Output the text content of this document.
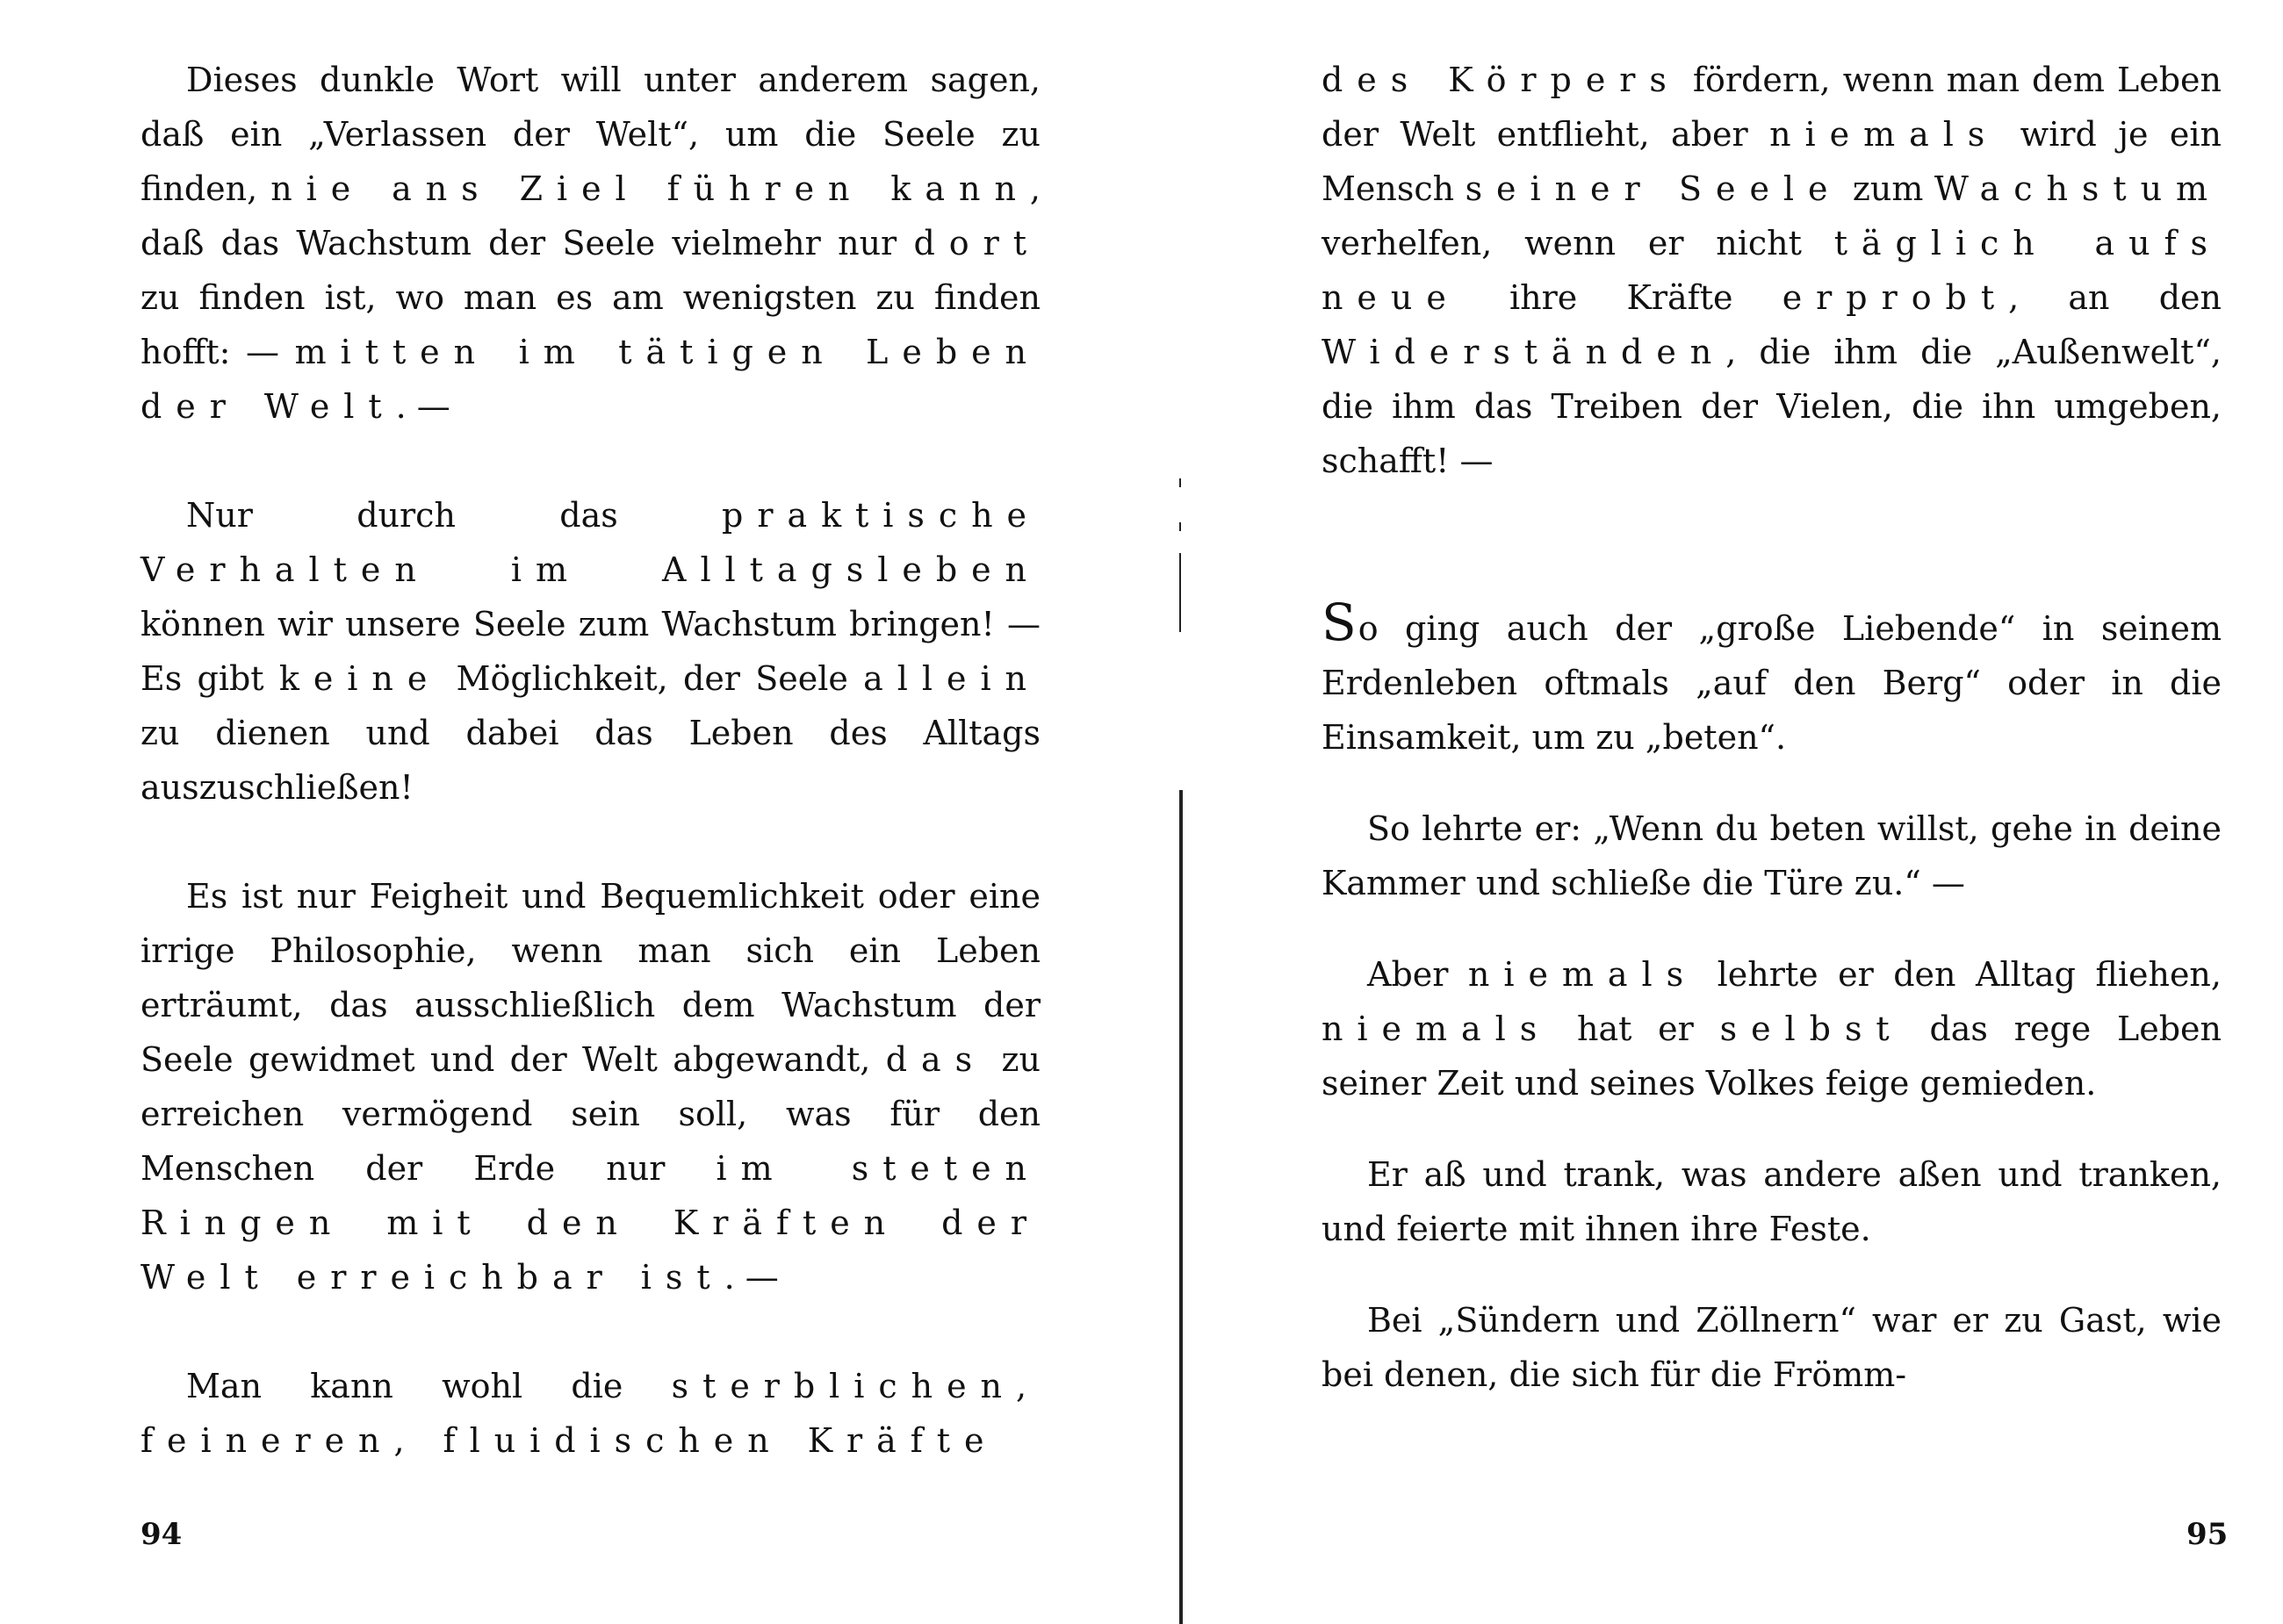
Dieses dunkle Wort will unter anderem sagen, daß ein „Verlassen der Welt“, um die Seele zu finden, nie ans Ziel führen kann, daß das Wachstum der Seele vielmehr nur dort zu finden ist, wo man es am wenigsten zu finden hofft: — mitten im tätigen Leben der Welt. —

Nur durch das praktische Verhalten im Alltagsleben können wir unsere Seele zum Wachstum bringen! — Es gibt keine Möglichkeit, der Seele allein zu dienen und dabei das Leben des Alltags auszuschließen!

Es ist nur Feigheit und Bequemlichkeit oder eine irrige Philosophie, wenn man sich ein Leben erträumt, das ausschließlich dem Wachstum der Seele gewidmet und der Welt abgewandt, das zu erreichen vermögend sein soll, was für den Menschen der Erde nur im steten Ringen mit den Kräften der Welt erreichbar ist. —

Man kann wohl die sterblichen, feineren, fluidischen Kräfte

94

des Körpers fördern, wenn man dem Leben der Welt entflieht, aber niemals wird je ein Mensch seiner Seele zum Wachstum verhelfen, wenn er nicht täglich aufs neue ihre Kräfte erprobt, an den Widerständen, die ihm die „Außenwelt“, die ihm das Treiben der Vielen, die ihn umgeben, schafft! —

So ging auch der „große Liebende“ in seinem Erdenleben oftmals „auf den Berg“ oder in die Einsamkeit, um zu „beten“.

So lehrte er: „Wenn du beten willst, gehe in deine Kammer und schließe die Türe zu.“ —

Aber niemals lehrte er den Alltag fliehen, niemals hat er selbst das rege Leben seiner Zeit und seines Volkes feige gemieden.

Er aß und trank, was andere aßen und tranken, und feierte mit ihnen ihre Feste.

Bei „Sündern und Zöllnern“ war er zu Gast, wie bei denen, die sich für die Frömm-

95
